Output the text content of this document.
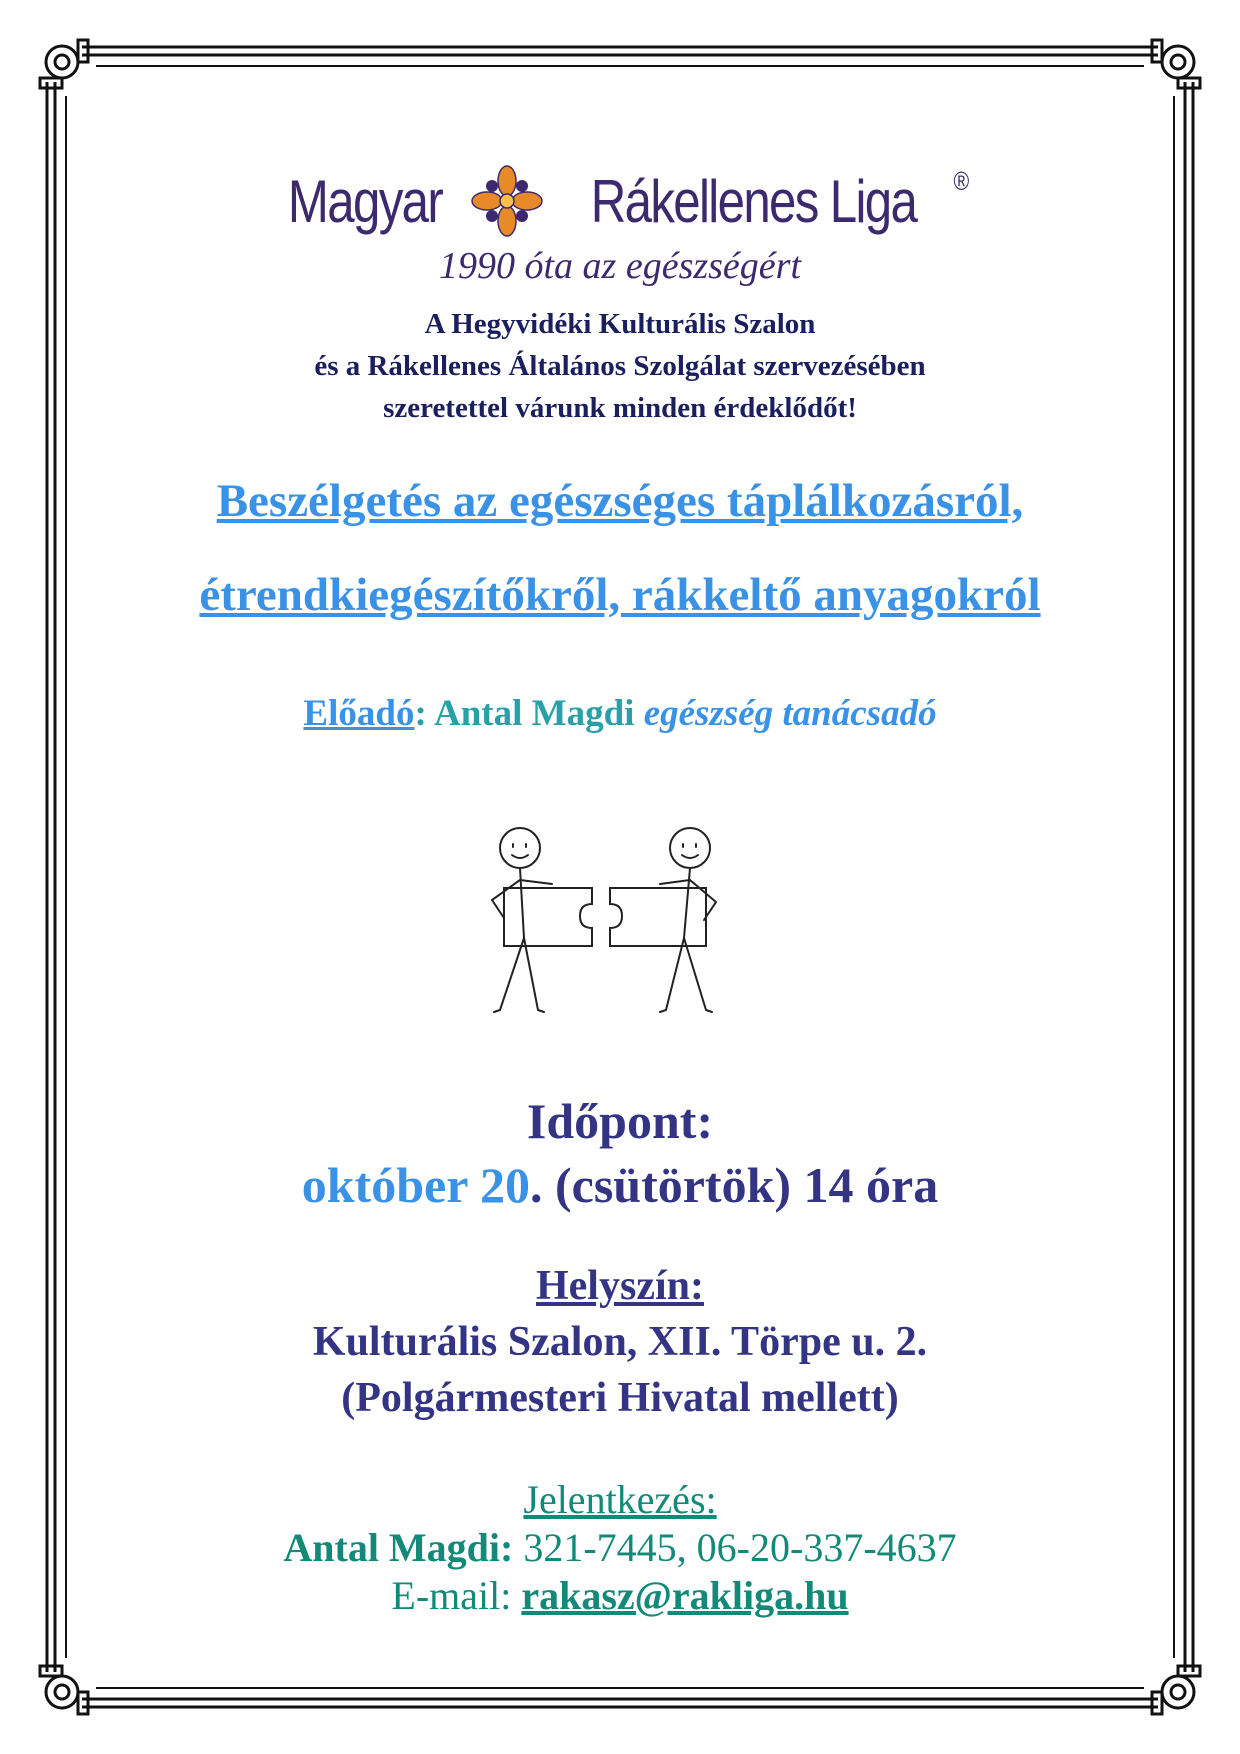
Magyar Rákellenes Liga ®
1990 óta az egészségért
A Hegyvidéki Kulturális Szalon
és a Rákellenes Általános Szolgálat szervezésében
szeretettel várunk minden érdeklődőt!
Beszélgetés az egészséges táplálkozásról,
étrendkiegészítőkről, rákkeltő anyagokról
Előadó: Antal Magdi egészség tanácsadó
Időpont:
október 20. (csütörtök) 14 óra
Helyszín:
Kulturális Szalon, XII. Törpe u. 2.
(Polgármesteri Hivatal mellett)
Jelentkezés:
Antal Magdi: 321-7445, 06-20-337-4637
E-mail: rakasz@rakliga.hu
